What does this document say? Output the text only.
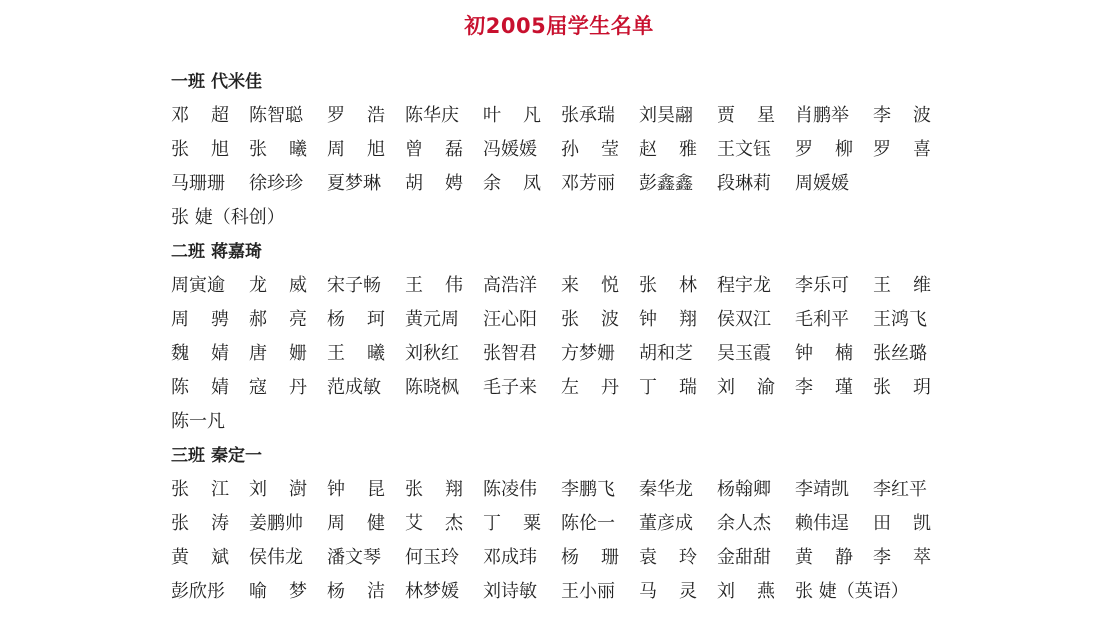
初2005届学生名单
一班 代米佳
邓 超	陈智聪	罗 浩	陈华庆	叶 凡	张承瑞	刘昊翮	贾 星	肖鹏举	李 波
张 旭	张 曦	周 旭	曾 磊	冯媛媛	孙 莹	赵 雅	王文钰	罗 柳	罗 喜
马珊珊	徐珍珍	夏梦琳	胡 娉	余 凤	邓芳丽	彭鑫鑫	段琳莉	周媛媛
张 婕（科创）
二班 蒋嘉琦
周寅逾	龙 威	宋子畅	王 伟	高浩洋	来 悦	张 林	程宇龙	李乐可	王 维
周 骋	郝 亮	杨 珂	黄元周	汪心阳	张 波	钟 翔	侯双江	毛利平	王鸿飞
魏 婧	唐 姗	王 曦	刘秋红	张智君	方梦姗	胡和芝	吴玉霞	钟 楠	张丝璐
陈 婧	寇 丹	范成敏	陈晓枫	毛子来	左 丹	丁 瑞	刘 渝	李 瑾	张 玥
陈一凡
三班 秦定一
张 江	刘 澍	钟 昆	张 翔	陈凌伟	李鹏飞	秦华龙	杨翰卿	李靖凯	李红平
张 涛	姜鹏帅	周 健	艾 杰	丁 粟	陈伦一	董彦成	余人杰	赖伟逞	田 凯
黄 斌	侯伟龙	潘文琴	何玉玲	邓成玮	杨 珊	袁 玲	金甜甜	黄 静	李 萃
彭欣彤	喻 梦	杨 洁	林梦媛	刘诗敏	王小丽	马 灵	刘 燕	张 婕（英语）
